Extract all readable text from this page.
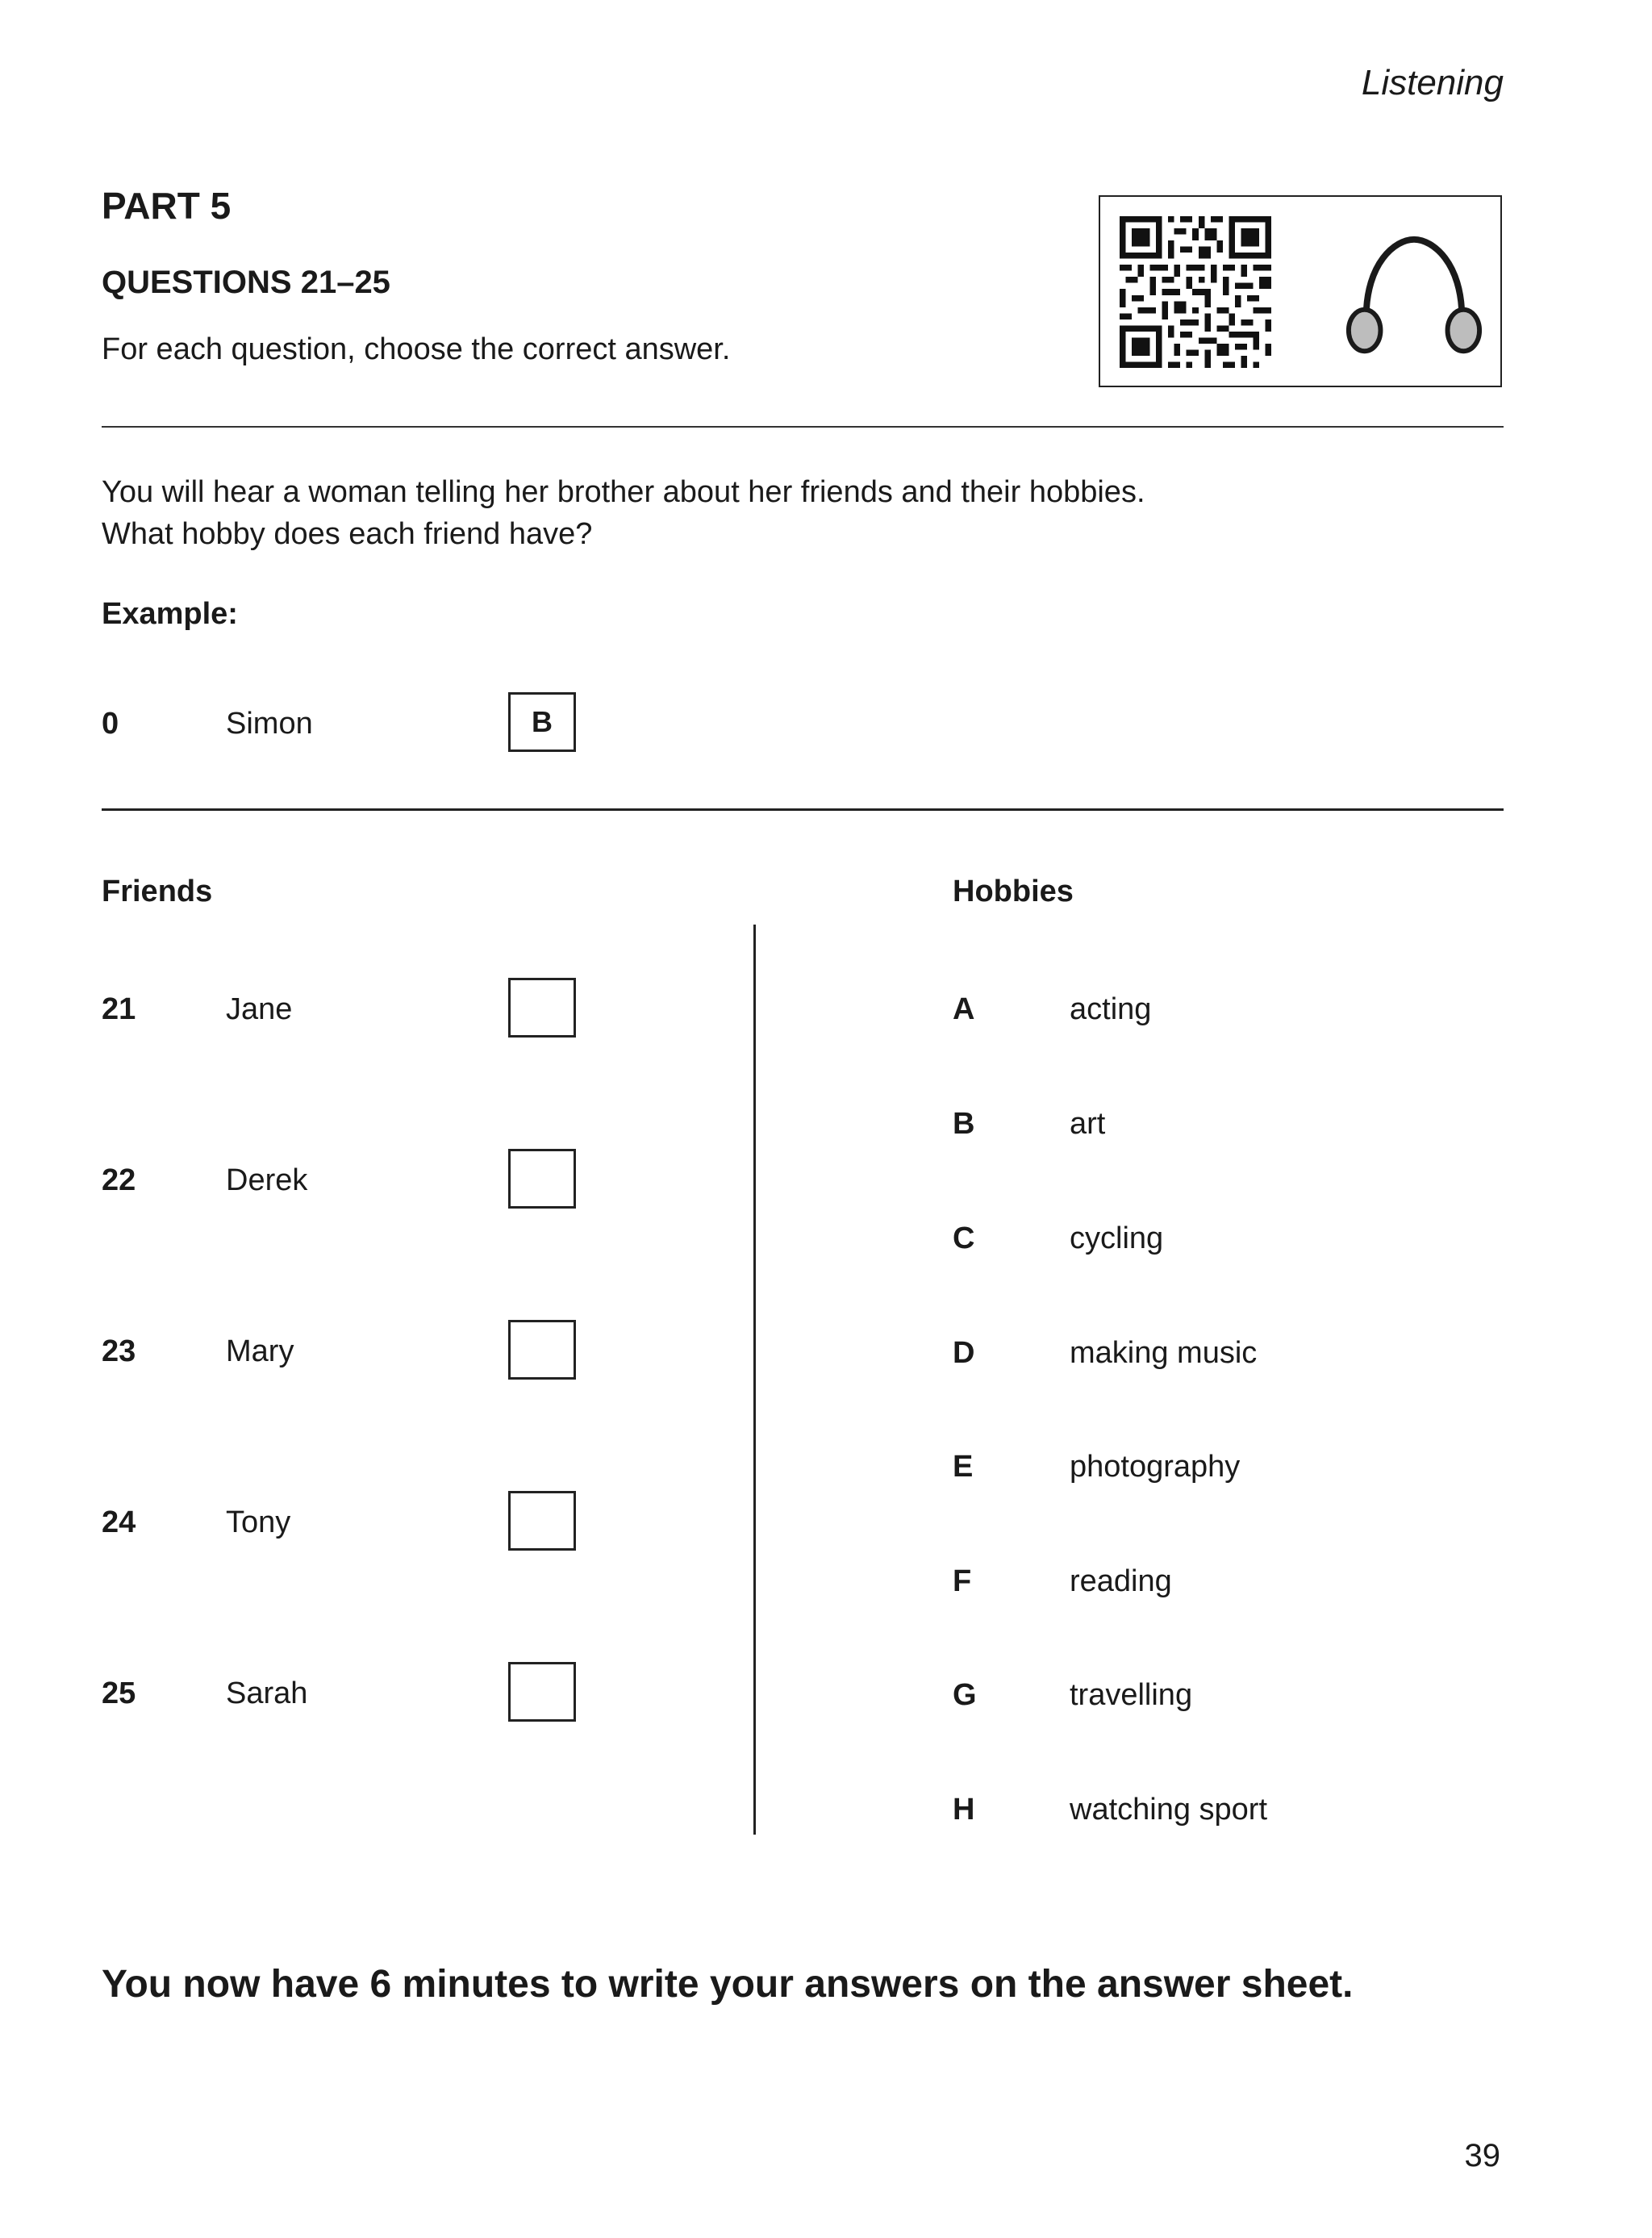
Listening
PART 5
QUESTIONS 21–25
For each question, choose the correct answer.
You will hear a woman telling her brother about her friends and their hobbies.
What hobby does each friend have?
Example:
0	Simon	B
Friends	Hobbies
21	Jane
22	Derek
23	Mary
24	Tony
25	Sarah
A	acting
B	art
C	cycling
D	making music
E	photography
F	reading
G	travelling
H	watching sport
You now have 6 minutes to write your answers on the answer sheet.
39
